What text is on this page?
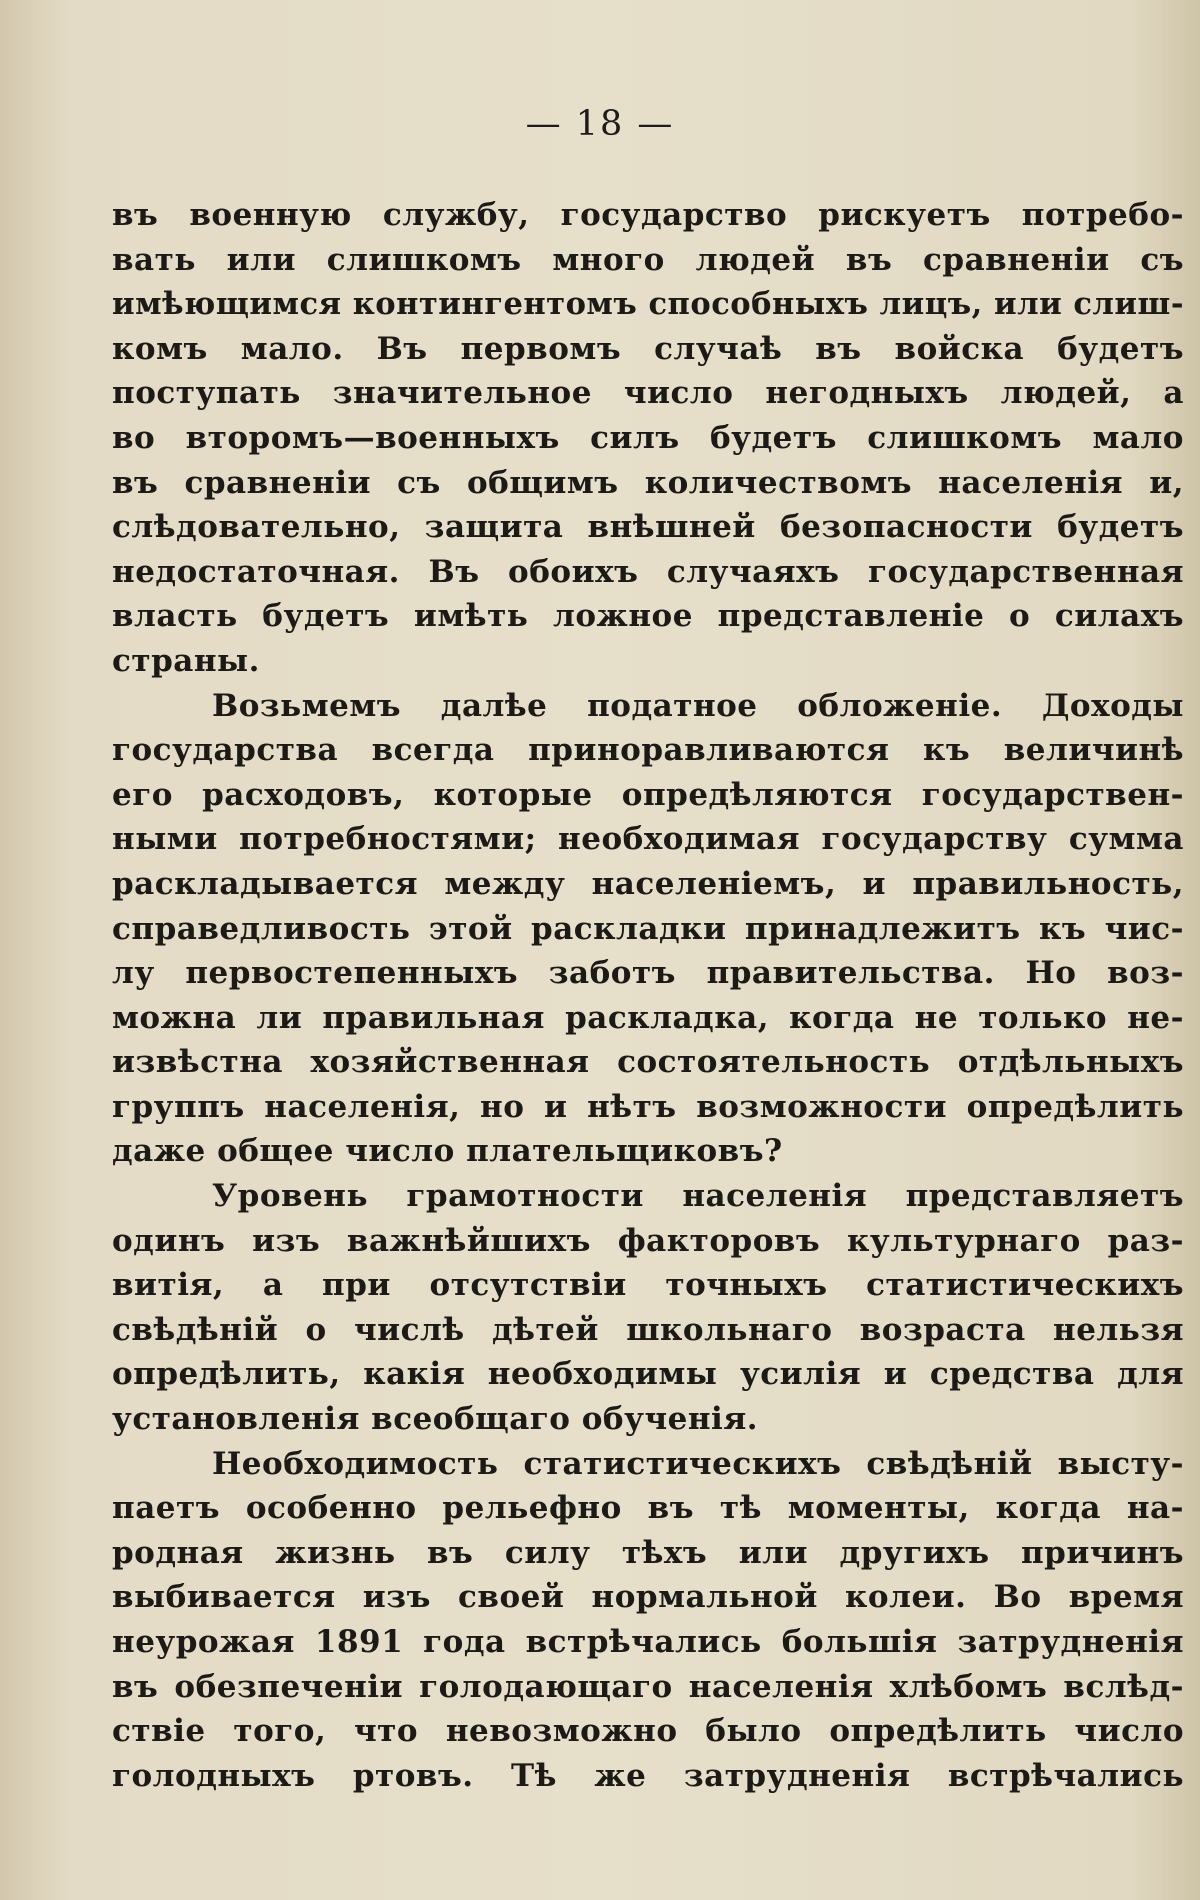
— 18 —
въ военную службу, государство рискуетъ потребо-
вать или слишкомъ много людей въ сравненiи съ
имѣющимся контингентомъ способныхъ лицъ, или слиш-
комъ мало. Въ первомъ случаѣ въ войска будетъ
поступать значительное число негодныхъ людей, а
во второмъ—военныхъ силъ будетъ слишкомъ мало
въ сравненiи съ общимъ количествомъ населенiя и,
слѣдовательно, защита внѣшней безопасности будетъ
недостаточная. Въ обоихъ случаяхъ государственная
власть будетъ имѣть ложное представленiе о силахъ
страны.
Возьмемъ далѣе податное обложенiе. Доходы
государства всегда приноравливаются къ величинѣ
его расходовъ, которые опредѣляются государствен-
ными потребностями; необходимая государству сумма
раскладывается между населенiемъ, и правильность,
справедливость этой раскладки принадлежитъ къ чис-
лу первостепенныхъ заботъ правительства. Но воз-
можна ли правильная раскладка, когда не только не-
извѣстна хозяйственная состоятельность отдѣльныхъ
группъ населенiя, но и нѣтъ возможности опредѣлить
даже общее число плательщиковъ?
Уровень грамотности населенiя представляетъ
одинъ изъ важнѣйшихъ факторовъ культурнаго раз-
витiя, а при отсутствiи точныхъ статистическихъ
свѣдѣнiй о числѣ дѣтей школьнаго возраста нельзя
опредѣлить, какiя необходимы усилiя и средства для
установленiя всеобщаго обученiя.
Необходимость статистическихъ свѣдѣнiй высту-
паетъ особенно рельефно въ тѣ моменты, когда на-
родная жизнь въ силу тѣхъ или другихъ причинъ
выбивается изъ своей нормальной колеи. Во время
неурожая 1891 года встрѣчались большiя затрудненiя
въ обезпеченiи голодающаго населенiя хлѣбомъ вслѣд-
ствiе того, что невозможно было опредѣлить число
голодныхъ ртовъ. Тѣ же затрудненiя встрѣчались
